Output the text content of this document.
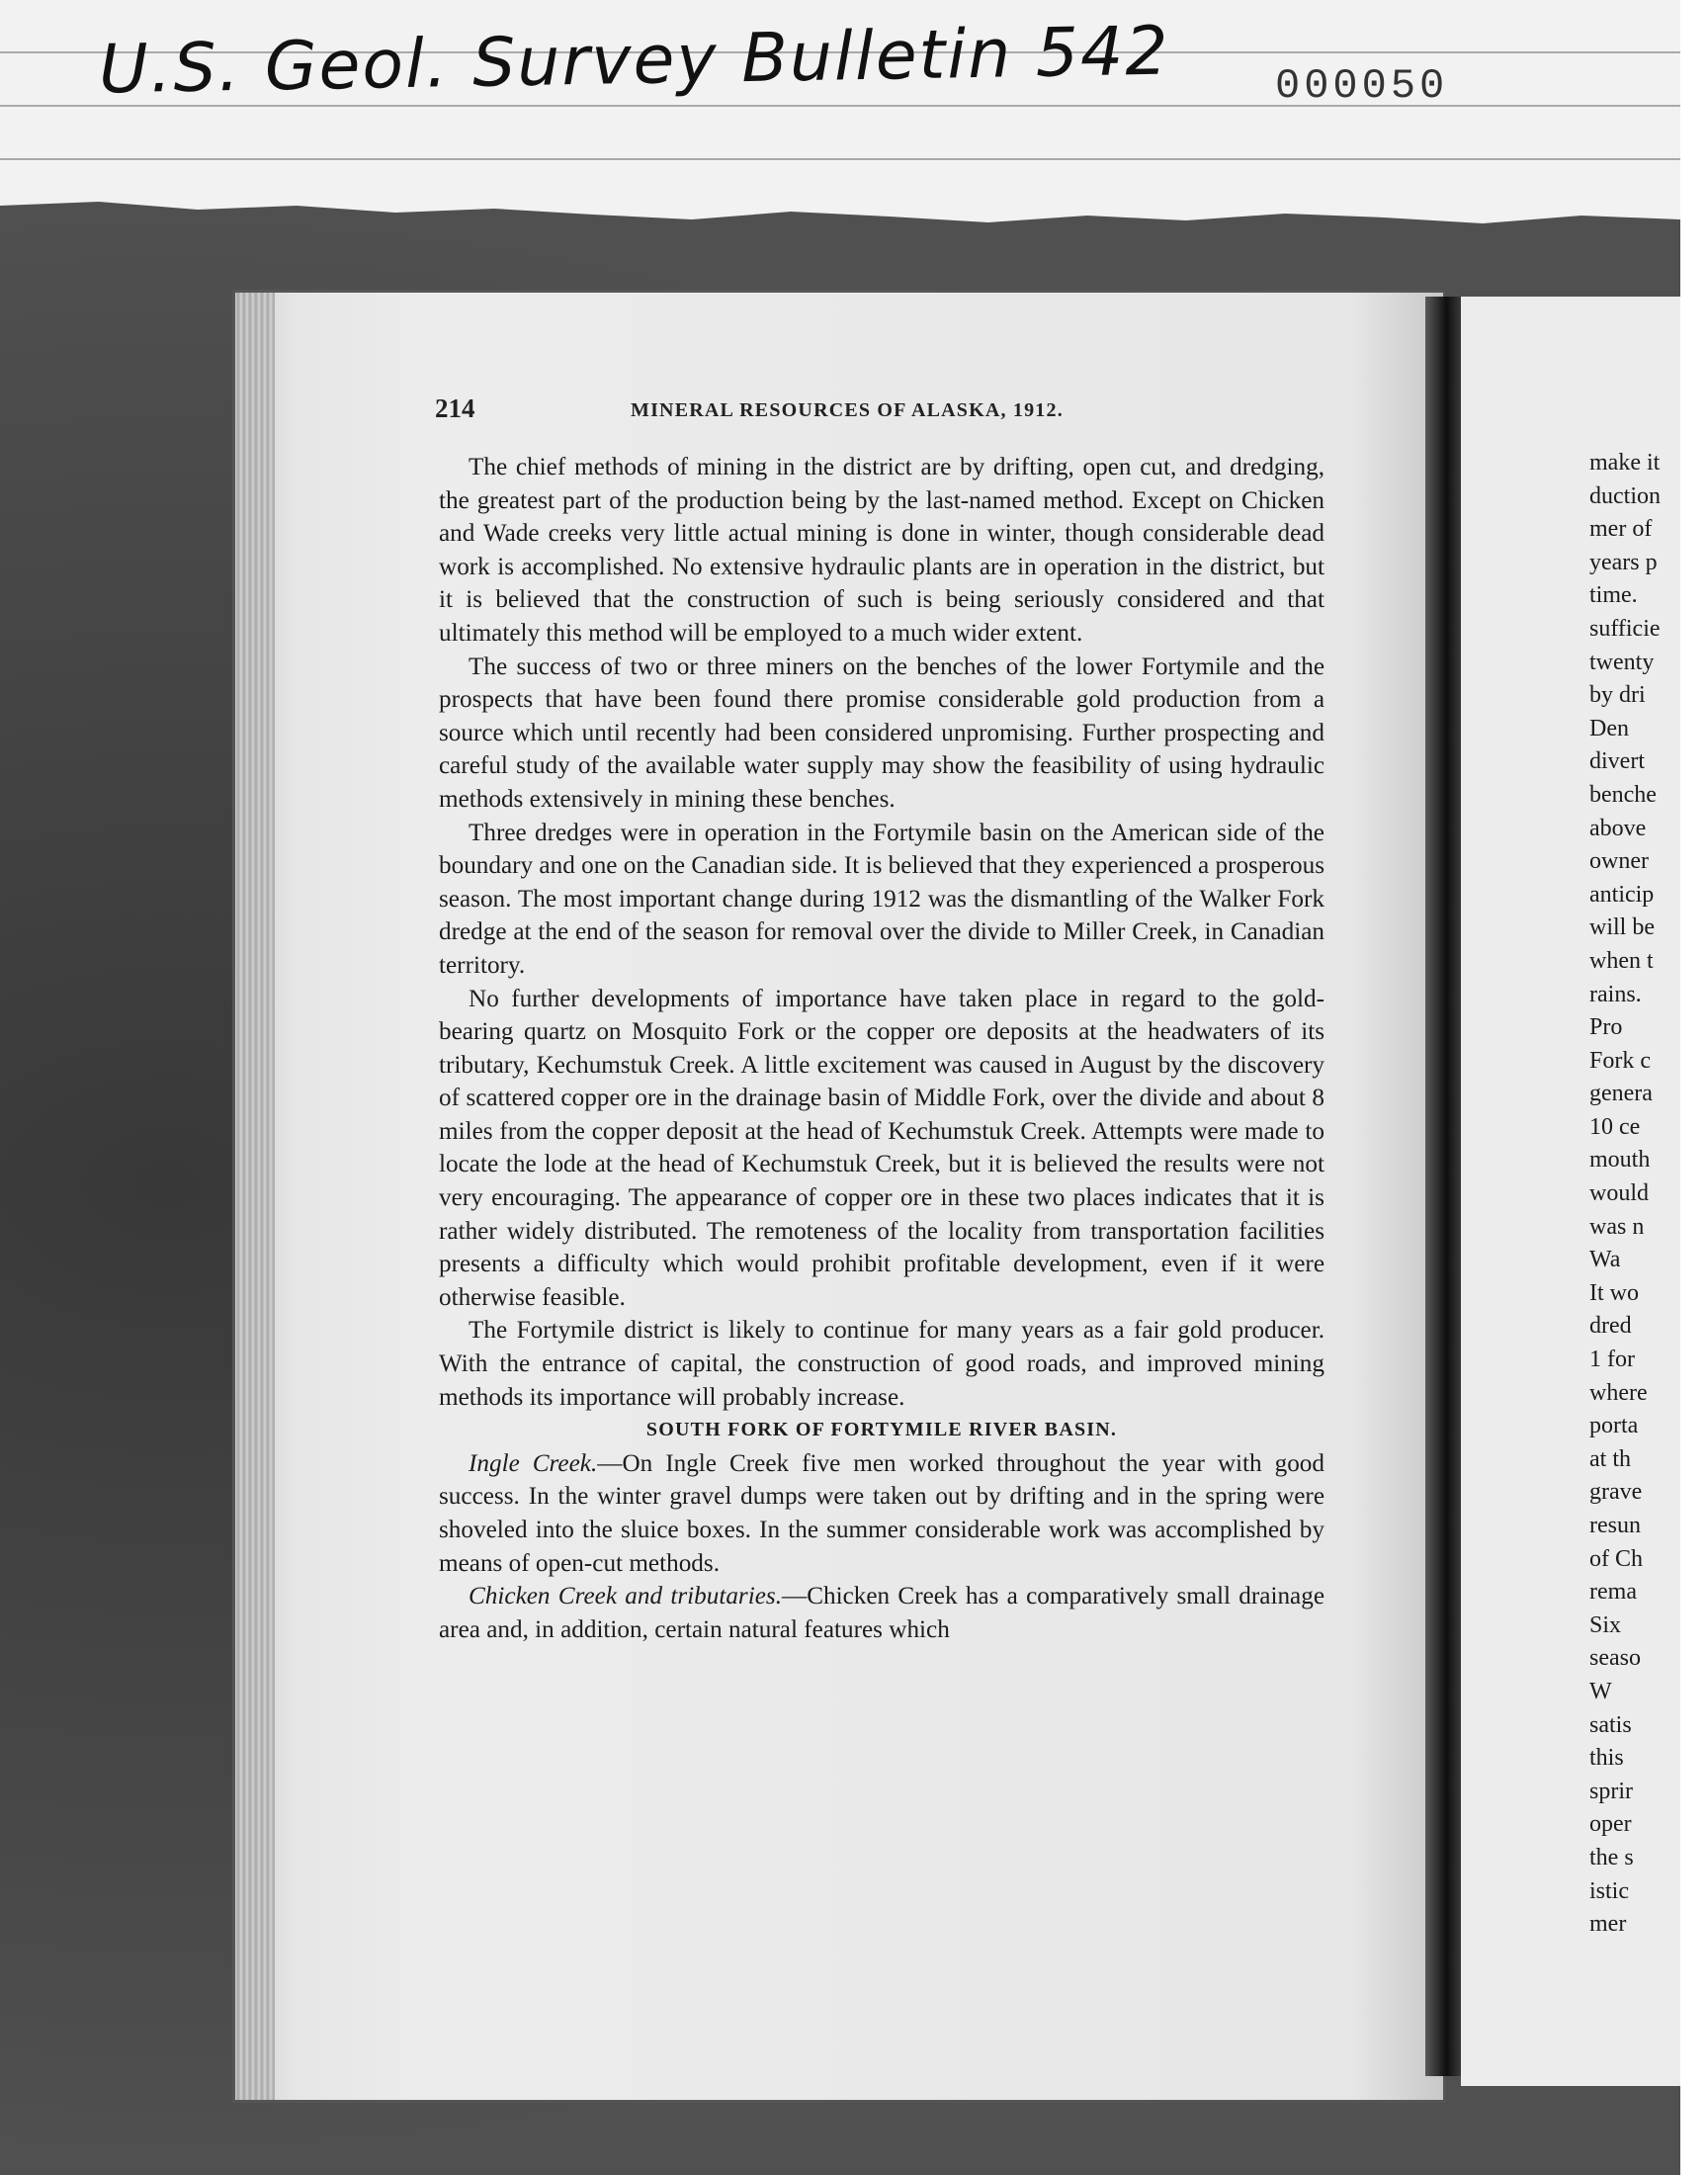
U.S. Geol. Survey Bulletin 542	000050
make it
duction
mer of
years p
time.
sufficie
twenty
by dri
Den
divert
benche
above
owner
anticip
will be
when t
rains.
Pro
Fork c
genera
10 ce
mouth
would
was n
Wa
It wo
dred
1 for
where
porta
at th
grave
resun
of Ch
rema
Six
seaso
W
satis
this
sprir
oper
the s
istic
mer
214	MINERAL RESOURCES OF ALASKA, 1912.

The chief methods of mining in the district are by drifting, open cut, and dredging, the greatest part of the production being by the last-named method. Except on Chicken and Wade creeks very little actual mining is done in winter, though considerable dead work is accomplished. No extensive hydraulic plants are in operation in the district, but it is believed that the construction of such is being seriously considered and that ultimately this method will be employed to a much wider extent.

The success of two or three miners on the benches of the lower Fortymile and the prospects that have been found there promise considerable gold production from a source which until recently had been considered unpromising. Further prospecting and careful study of the available water supply may show the feasibility of using hydraulic methods extensively in mining these benches.

Three dredges were in operation in the Fortymile basin on the American side of the boundary and one on the Canadian side. It is believed that they experienced a prosperous season. The most important change during 1912 was the dismantling of the Walker Fork dredge at the end of the season for removal over the divide to Miller Creek, in Canadian territory.

No further developments of importance have taken place in regard to the gold-bearing quartz on Mosquito Fork or the copper ore deposits at the headwaters of its tributary, Kechumstuk Creek. A little excitement was caused in August by the discovery of scattered copper ore in the drainage basin of Middle Fork, over the divide and about 8 miles from the copper deposit at the head of Kechumstuk Creek. Attempts were made to locate the lode at the head of Kechumstuk Creek, but it is believed the results were not very encouraging. The appearance of copper ore in these two places indicates that it is rather widely distributed. The remoteness of the locality from transportation facilities presents a difficulty which would prohibit profitable development, even if it were otherwise feasible.

The Fortymile district is likely to continue for many years as a fair gold producer. With the entrance of capital, the construction of good roads, and improved mining methods its importance will probably increase.

SOUTH FORK OF FORTYMILE RIVER BASIN.

Ingle Creek.—On Ingle Creek five men worked throughout the year with good success. In the winter gravel dumps were taken out by drifting and in the spring were shoveled into the sluice boxes. In the summer considerable work was accomplished by means of open-cut methods.

Chicken Creek and tributaries.—Chicken Creek has a comparatively small drainage area and, in addition, certain natural features which
